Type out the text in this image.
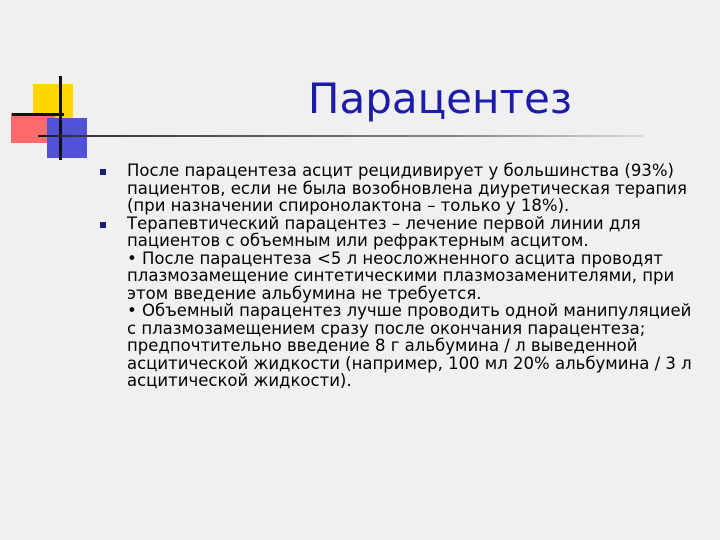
Парацентез
После парацентеза асцит рецидивирует у большинства (93%) пациентов, если не была возобновлена диуретическая терапия (при назначении спиронолактона – только у 18%).
Терапевтический парацентез – лечение первой линии для пациентов с объемным или рефрактерным асцитом.
• После парацентеза <5 л неосложненного асцита проводят плазмозамещение синтетическими плазмозаменителями, при этом введение альбумина не требуется.
• Объемный парацентез лучше проводить одной манипуляцией с плазмозамещением сразу после окончания парацентеза; предпочтительно введение 8 г альбумина / л выведенной асцитической жидкости (например, 100 мл 20% альбумина / 3 л асцитической жидкости).
